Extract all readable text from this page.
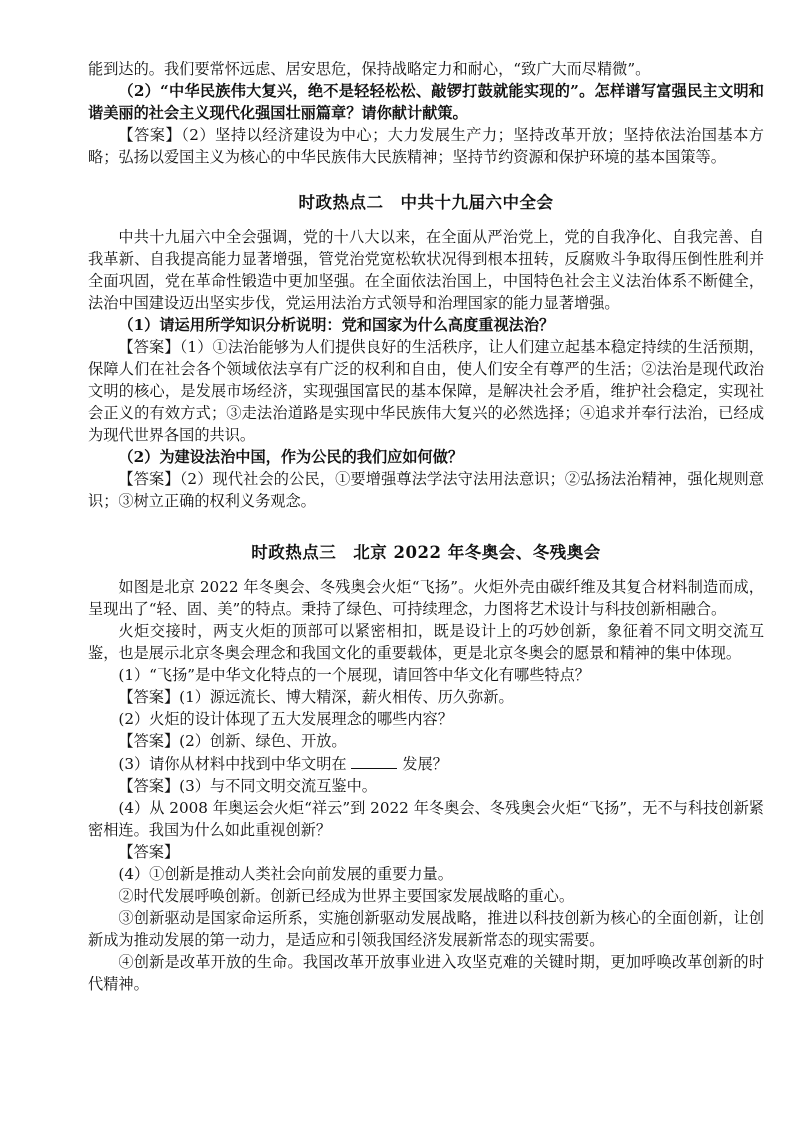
能到达的。我们要常怀远虑、居安思危，保持战略定力和耐心，“致广大而尽精微”。

（2）“中华民族伟大复兴，绝不是轻轻松松、敲锣打鼓就能实现的”。怎样谱写富强民主文明和谐美丽的社会主义现代化强国壮丽篇章？请你献计献策。

【答案】（2）坚持以经济建设为中心；大力发展生产力；坚持改革开放；坚持依法治国基本方略；弘扬以爱国主义为核心的中华民族伟大民族精神；坚持节约资源和保护环境的基本国策等。

时政热点二　中共十九届六中全会

中共十九届六中全会强调，党的十八大以来，在全面从严治党上，党的自我净化、自我完善、自我革新、自我提高能力显著增强，管党治党宽松软状况得到根本扭转，反腐败斗争取得压倒性胜利并全面巩固，党在革命性锻造中更加坚强。在全面依法治国上，中国特色社会主义法治体系不断健全，法治中国建设迈出坚实步伐，党运用法治方式领导和治理国家的能力显著增强。

（1）请运用所学知识分析说明：党和国家为什么高度重视法治？

【答案】（1）①法治能够为人们提供良好的生活秩序，让人们建立起基本稳定持续的生活预期，保障人们在社会各个领域依法享有广泛的权利和自由，使人们安全有尊严的生活；②法治是现代政治文明的核心，是发展市场经济，实现强国富民的基本保障，是解决社会矛盾，维护社会稳定，实现社会正义的有效方式；③走法治道路是实现中华民族伟大复兴的必然选择；④追求并奉行法治，已经成为现代世界各国的共识。

（2）为建设法治中国，作为公民的我们应如何做？

【答案】（2）现代社会的公民，①要增强尊法学法守法用法意识；②弘扬法治精神，强化规则意识；③树立正确的权利义务观念。

时政热点三　北京 2022 年冬奥会、冬残奥会

如图是北京 2022 年冬奥会、冬残奥会火炬“飞扬”。火炬外壳由碳纤维及其复合材料制造而成，呈现出了“轻、固、美”的特点。秉持了绿色、可持续理念，力图将艺术设计与科技创新相融合。

火炬交接时，两支火炬的顶部可以紧密相扣，既是设计上的巧妙创新，象征着不同文明交流互鉴，也是展示北京冬奥会理念和我国文化的重要载体，更是北京冬奥会的愿景和精神的集中体现。

(1）“飞扬”是中华文化特点的一个展现，请回答中华文化有哪些特点？

【答案】(1）源远流长、博大精深，薪火相传、历久弥新。

(2）火炬的设计体现了五大发展理念的哪些内容？

【答案】(2）创新、绿色、开放。

(3）请你从材料中找到中华文明在	发展？

【答案】(3）与不同文明交流互鉴中。

(4）从 2008 年奥运会火炬“祥云”到 2022 年冬奥会、冬残奥会火炬“飞扬”，无不与科技创新紧密相连。我国为什么如此重视创新？

【答案】

(4）①创新是推动人类社会向前发展的重要力量。

②时代发展呼唤创新。创新已经成为世界主要国家发展战略的重心。

③创新驱动是国家命运所系，实施创新驱动发展战略，推进以科技创新为核心的全面创新，让创新成为推动发展的第一动力，是适应和引领我国经济发展新常态的现实需要。

④创新是改革开放的生命。我国改革开放事业进入攻坚克难的关键时期，更加呼唤改革创新的时代精神。
